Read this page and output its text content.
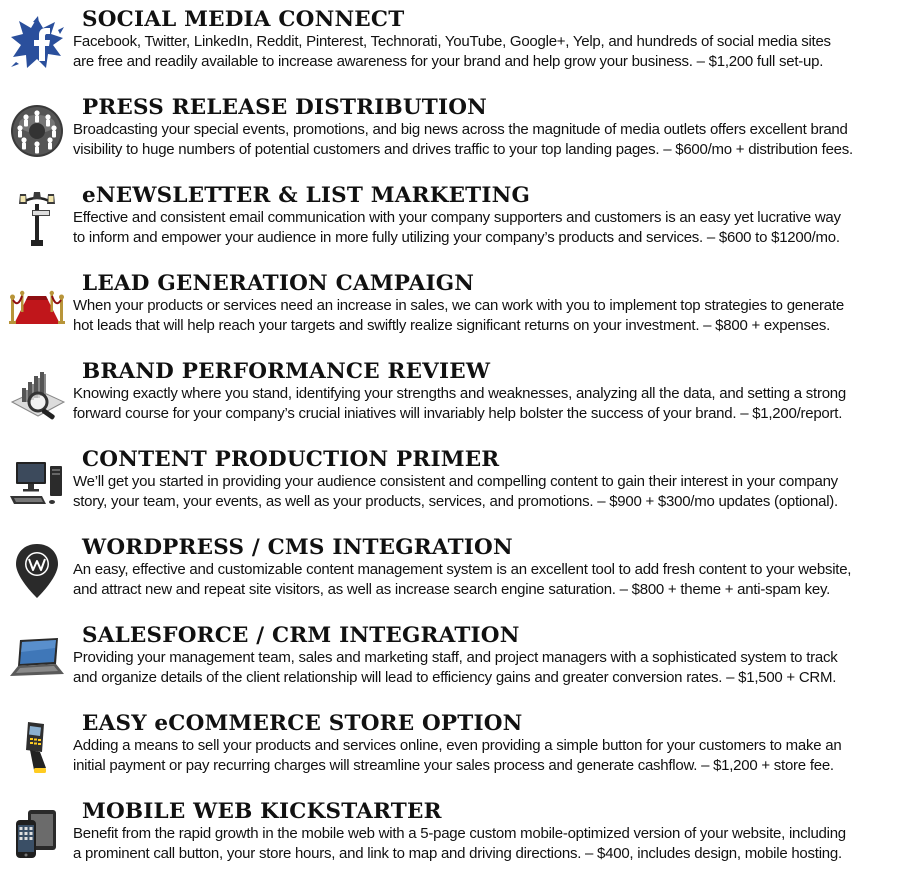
SOCIAL MEDIA CONNECT

Facebook, Twitter, LinkedIn, Reddit, Pinterest, Technorati, YouTube, Google+, Yelp, and hundreds of social media sites
are free and readily available to increase awareness for your brand and help grow your business. – $1,200 full set-up.

PRESS RELEASE DISTRIBUTION

Broadcasting your special events, promotions, and big news across the magnitude of media outlets offers excellent brand
visibility to huge numbers of potential customers and drives traffic to your top landing pages. – $600/mo + distribution fees.

eNEWSLETTER & LIST MARKETING

Effective and consistent email communication with your company supporters and customers is an easy yet lucrative way
to inform and empower your audience in more fully utilizing your company’s products and services. – $600 to $1200/mo.

LEAD GENERATION CAMPAIGN

When your products or services need an increase in sales, we can work with you to implement top strategies to generate
hot leads that will help reach your targets and swiftly realize significant returns on your investment. – $800 + expenses.

BRAND PERFORMANCE REVIEW

Knowing exactly where you stand, identifying your strengths and weaknesses, analyzing all the data, and setting a strong
forward course for your company’s crucial iniatives will invariably help bolster the success of your brand. – $1,200/report.

CONTENT PRODUCTION PRIMER

We’ll get you started in providing your audience consistent and compelling content to gain their interest in your company
story, your team, your events, as well as your products, services, and promotions. – $900 + $300/mo updates (optional).

WORDPRESS / CMS INTEGRATION

An easy, effective and customizable content management system is an excellent tool to add fresh content to your website,
and attract new and repeat site visitors, as well as increase search engine saturation. – $800 + theme + anti-spam key.

SALESFORCE / CRM INTEGRATION

Providing your management team, sales and marketing staff, and project managers with a sophisticated system to track
and organize details of the client relationship will lead to efficiency gains and greater conversion rates. – $1,500 + CRM.

EASY eCOMMERCE STORE OPTION

Adding a means to sell your products and services online, even providing a simple button for your customers to make an
initial payment or pay recurring charges will streamline your sales process and generate cashflow. – $1,200 + store fee.

MOBILE WEB KICKSTARTER

Benefit from the rapid growth in the mobile web with a 5-page custom mobile-optimized version of your website, including
a prominent call button, your store hours, and link to map and driving directions. – $400, includes design, mobile hosting.
